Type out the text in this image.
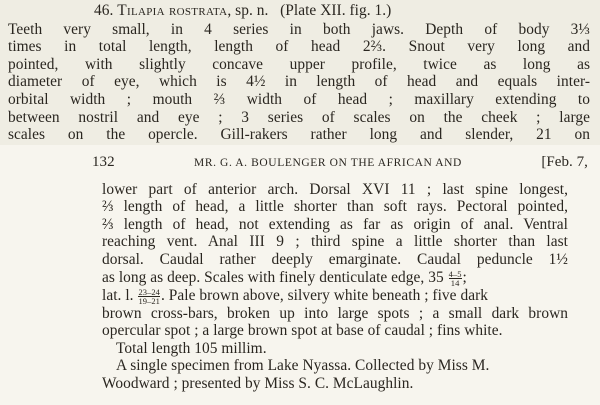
46. Tilapia rostrata, sp. n. (Plate XII. fig. 1.)
Teeth very small, in 4 series in both jaws. Depth of body 3⅓
times in total length, length of head 2⅔. Snout very long and
pointed, with slightly concave upper profile, twice as long as
diameter of eye, which is 4½ in length of head and equals inter-
orbital width ; mouth ⅔ width of head ; maxillary extending to
between nostril and eye ; 3 series of scales on the cheek ; large
scales on the opercle. Gill-rakers rather long and slender, 21 on
132	MR. G. A. BOULENGER ON THE AFRICAN AND	[Feb. 7,
lower part of anterior arch. Dorsal XVI 11 ; last spine longest,
⅔ length of head, a little shorter than soft rays. Pectoral pointed,
⅔ length of head, not extending as far as origin of anal. Ventral
reaching vent. Anal III 9 ; third spine a little shorter than last
dorsal. Caudal rather deeply emarginate. Caudal peduncle 1½
as long as deep. Scales with finely denticulate edge, $35 \frac{4-5}{14}$ ;
lat. l. $\frac{23-24}{19-21}$ . Pale brown above, silvery white beneath ; five dark
brown cross-bars, broken up into large spots ; a small dark brown
opercular spot ; a large brown spot at base of caudal ; fins white.
Total length 105 millim.
A single specimen from Lake Nyassa. Collected by Miss M.
Woodward ; presented by Miss S. C. McLaughlin.
